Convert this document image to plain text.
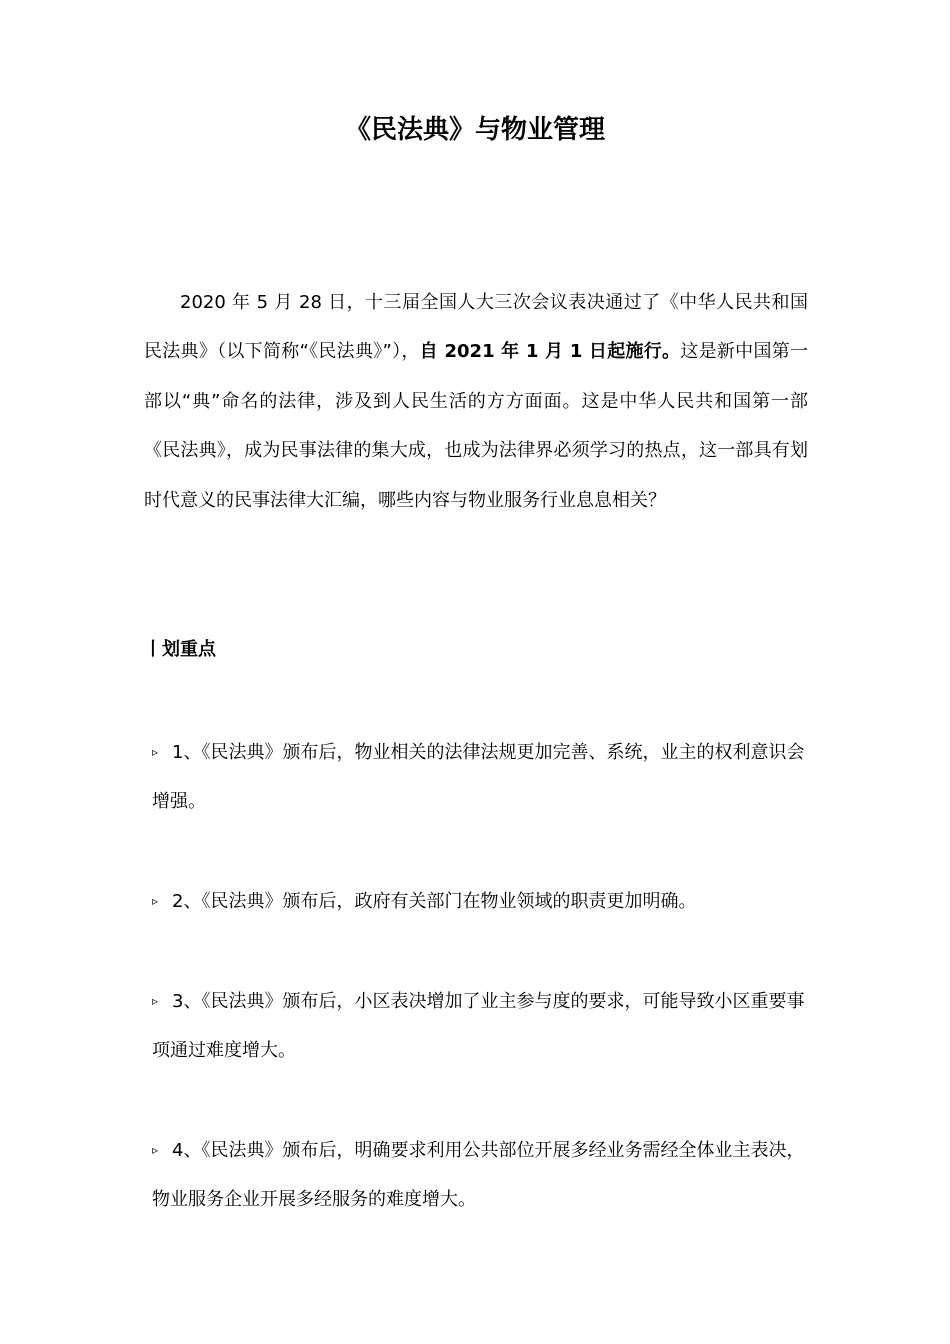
《民法典》与物业管理

2020 年 5 月 28 日，十三届全国人大三次会议表决通过了《中华人民共和国民法典》（以下简称“《民法典》”），自 2021 年 1 月 1 日起施行。这是新中国第一部以“典”命名的法律，涉及到人民生活的方方面面。这是中华人民共和国第一部《民法典》，成为民事法律的集大成，也成为法律界必须学习的热点，这一部具有划时代意义的民事法律大汇编，哪些内容与物业服务行业息息相关？

丨划重点

▹ 1、《民法典》颁布后，物业相关的法律法规更加完善、系统，业主的权利意识会增强。

▹ 2、《民法典》颁布后，政府有关部门在物业领域的职责更加明确。

▹ 3、《民法典》颁布后，小区表决增加了业主参与度的要求，可能导致小区重要事项通过难度增大。

▹ 4、《民法典》颁布后，明确要求利用公共部位开展多经业务需经全体业主表决，物业服务企业开展多经服务的难度增大。
